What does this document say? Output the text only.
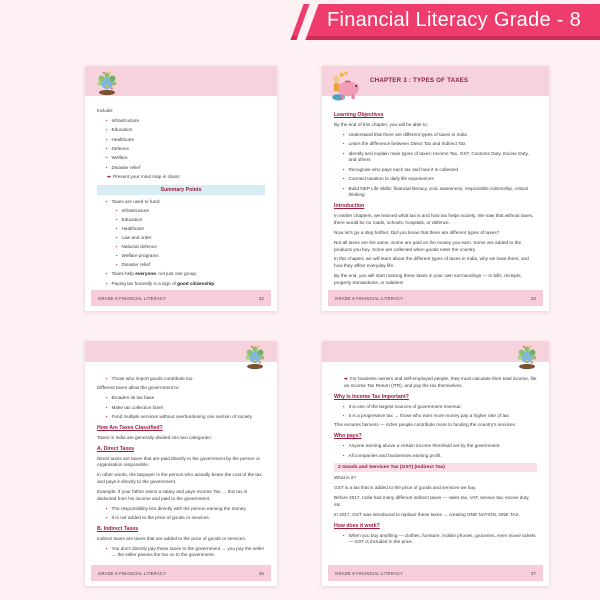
Financial Literacy Grade - 8
Include:
▪ Infrastructure
▪ Education
▪ Healthcare
▪ Defence
▪ Welfare
▪ Disaster relief
➡ Present your mind map in class!
Summary Points
▪ Taxes are used to fund:
▪ Infrastructure
▪ Education
▪ Healthcare
▪ Law and order
▪ National defence
▪ Welfare programs
▪ Disaster relief
▪ Taxes help everyone, not just one group.
▪ Paying tax honestly is a sign of good citizenship.
GRADE 8 FINANCIAL LITERACY	32
CHAPTER 3 : TYPES OF TAXES
Learning Objectives
By the end of this chapter, you will be able to:
▪ Understand that there are different types of taxes in India
▪ Learn the difference between Direct Tax and Indirect Tax
▪ Identify and explain main types of taxes: Income Tax, GST, Customs Duty, Excise Duty, and others
▪ Recognise who pays each tax and how it is collected
▪ Connect taxation to daily life experiences
▪ Build NEP Life Skills: financial literacy, civic awareness, responsible citizenship, critical thinking
Introduction
In earlier chapters, we learned what tax is and how tax helps society. We saw that without taxes, there would be no roads, schools, hospitals, or defence.
Now let's go a step further: Did you know that there are different types of taxes?
Not all taxes are the same. Some are paid on the money you earn. Some are added to the products you buy. Some are collected when goods enter the country.
In this chapter, we will learn about the different types of taxes in India, why we have them, and how they affect everyday life.
By the end, you will start noticing these taxes in your own surroundings — in bills, receipts, property transactions, or salaries!
GRADE 8 FINANCIAL LITERACY	33
▪ Those who import goods contribute too
Different taxes allow the government to:
▪ Broaden its tax base
▪ Make tax collection fairer
▪ Fund multiple services without overburdening one section of society
How Are Taxes Classified?
Taxes in India are generally divided into two categories:
A. Direct Taxes
Direct taxes are taxes that are paid directly to the government by the person or organisation responsible.
In other words, the taxpayer is the person who actually bears the cost of the tax and pays it directly to the government.
Example: If your father earns a salary and pays Income Tax → this tax is deducted from his income and paid to the government.
▪ The responsibility lies directly with the person earning the money.
▪ It is not added to the price of goods or services.
B. Indirect Taxes
Indirect taxes are taxes that are added to the price of goods or services.
▪ You don't directly pay these taxes to the government → you pay the seller → the seller passes the tax on to the government.
GRADE 8 FINANCIAL LITERACY	35
➡ For business owners and self-employed people, they must calculate their total income, file an Income Tax Return (ITR), and pay the tax themselves.
Why Is Income Tax Important?
▪ It is one of the largest sources of government revenue.
▪ It is a progressive tax → those who earn more money pay a higher rate of tax.
This ensures fairness — richer people contribute more to funding the country's services.
Who pays?
▪ Anyone earning above a certain income threshold set by the government.
▪ All companies and businesses earning profit.
2 Goods and Services Tax (GST) (Indirect Tax)
What is it?
GST is a tax that is added to the price of goods and services we buy.
Before 2017, India had many different indirect taxes — sales tax, VAT, service tax, excise duty, etc.
In 2017, GST was introduced to replace these taxes → creating ONE NATION, ONE TAX.
How does it work?
▪ When you buy anything — clothes, furniture, mobile phones, groceries, even movie tickets — GST is included in the price.
GRADE 8 FINANCIAL LITERACY	37
